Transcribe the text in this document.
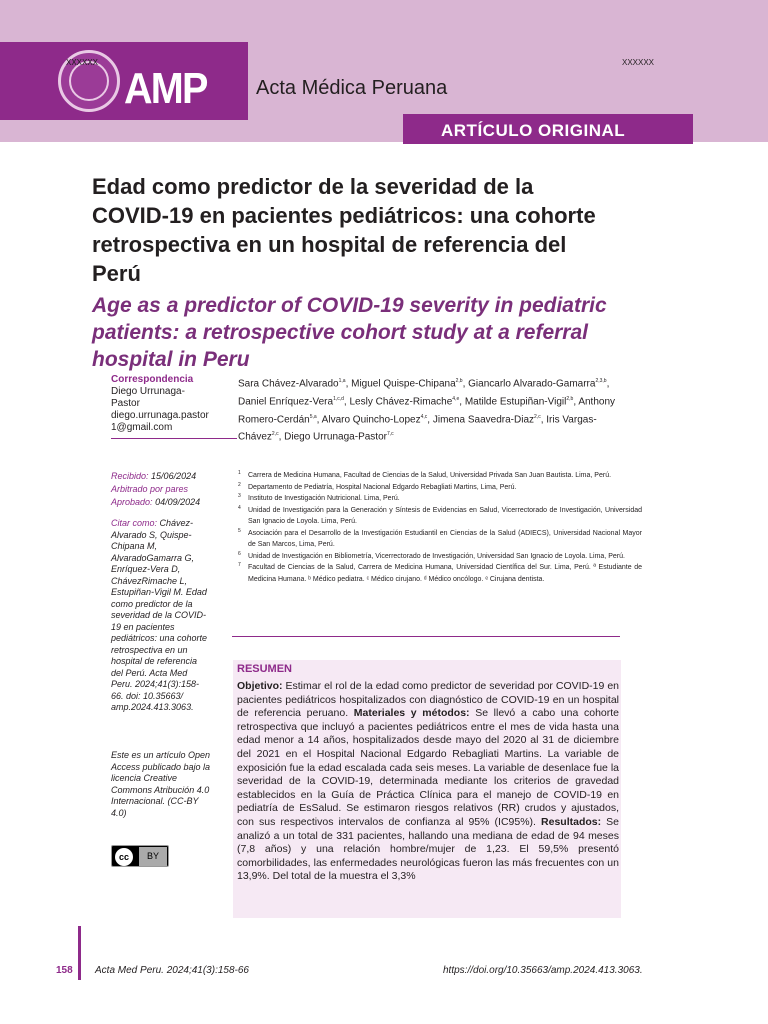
XXXXXX
AMP Acta Médica Peruana
XXXXXX
ARTÍCULO ORIGINAL
Edad como predictor de la severidad de la COVID-19 en pacientes pediátricos: una cohorte retrospectiva en un hospital de referencia del Perú
Age as a predictor of COVID-19 severity in pediatric patients: a retrospective cohort study at a referral hospital in Peru
Correspondencia
Diego Urrunaga-Pastor
diego.urrunaga.pastor1@gmail.com
Recibido: 15/06/2024
Arbitrado por pares
Aprobado: 04/09/2024
Citar como: Chávez-Alvarado S, Quispe-Chipana M, AlvaradoGamarra G, Enríquez-Vera D, ChávezRimache L, Estupiñan-Vigil M. Edad como predictor de la severidad de la COVID-19 en pacientes pediátricos: una cohorte retrospectiva en un hospital de referencia del Perú. Acta Med Peru. 2024;41(3):158-66. doi: 10.35663/ amp.2024.413.3063.
Este es un artículo Open Access publicado bajo la licencia Creative Commons Atribución 4.0 Internacional. (CC-BY 4.0)
cc	BY
Sara Chávez-Alvarado$^{1,a}$, Miguel Quispe-Chipana$^{2,b}$, Giancarlo Alvarado-Gamarra$^{2,3,b}$, Daniel Enríquez-Vera$^{1,c,d}$, Lesly Chávez-Rimache$^{4,e}$, Matilde Estupiñan-Vigil$^{2,b}$, Anthony Romero-Cerdán$^{5,a}$, Alvaro Quincho-Lopez$^{4,c}$, Jimena Saavedra-Diaz$^{2,c}$, Iris Vargas-Chávez$^{2,c}$, Diego Urrunaga-Pastor$^{7,c}$
1 Carrera de Medicina Humana, Facultad de Ciencias de la Salud, Universidad Privada San Juan Bautista. Lima, Perú.
2 Departamento de Pediatría, Hospital Nacional Edgardo Rebagliati Martins, Lima, Perú.
3 Instituto de Investigación Nutricional. Lima, Perú.
4 Unidad de Investigación para la Generación y Síntesis de Evidencias en Salud, Vicerrectorado de Investigación, Universidad San Ignacio de Loyola. Lima, Perú.
5 Asociación para el Desarrollo de la Investigación Estudiantil en Ciencias de la Salud (ADIECS), Universidad Nacional Mayor de San Marcos, Lima, Perú.
6 Unidad de Investigación en Bibliometría, Vicerrectorado de Investigación, Universidad San Ignacio de Loyola. Lima, Perú.
7 Facultad de Ciencias de la Salud, Carrera de Medicina Humana, Universidad Científica del Sur. Lima, Perú. ª Estudiante de Medicina Humana. ᵇ Médico pediatra. ᶜ Médico cirujano. ᵈ Médico oncólogo. ᵉ Cirujana dentista.
RESUMEN
Objetivo: Estimar el rol de la edad como predictor de severidad por COVID-19 en pacientes pediátricos hospitalizados con diagnóstico de COVID-19 en un hospital de referencia peruano. Materiales y métodos: Se llevó a cabo una cohorte retrospectiva que incluyó a pacientes pediátricos entre el mes de vida hasta una edad menor a 14 años, hospitalizados desde mayo del 2020 al 31 de diciembre del 2021 en el Hospital Nacional Edgardo Rebagliati Martins. La variable de exposición fue la edad escalada cada seis meses. La variable de desenlace fue la severidad de la COVID-19, determinada mediante los criterios de gravedad establecidos en la Guía de Práctica Clínica para el manejo de COVID-19 en pediatría de EsSalud. Se estimaron riesgos relativos (RR) crudos y ajustados, con sus respectivos intervalos de confianza al 95% (IC95%). Resultados: Se analizó a un total de 331 pacientes, hallando una mediana de edad de 94 meses (7,8 años) y una relación hombre/mujer de 1,23. El 59,5% presentó comorbilidades, las enfermedades neurológicas fueron las más frecuentes con un 13,9%. Del total de la muestra el 3,3%
158 Acta Med Peru. 2024;41(3):158-66	https://doi.org/10.35663/amp.2024.413.3063.
